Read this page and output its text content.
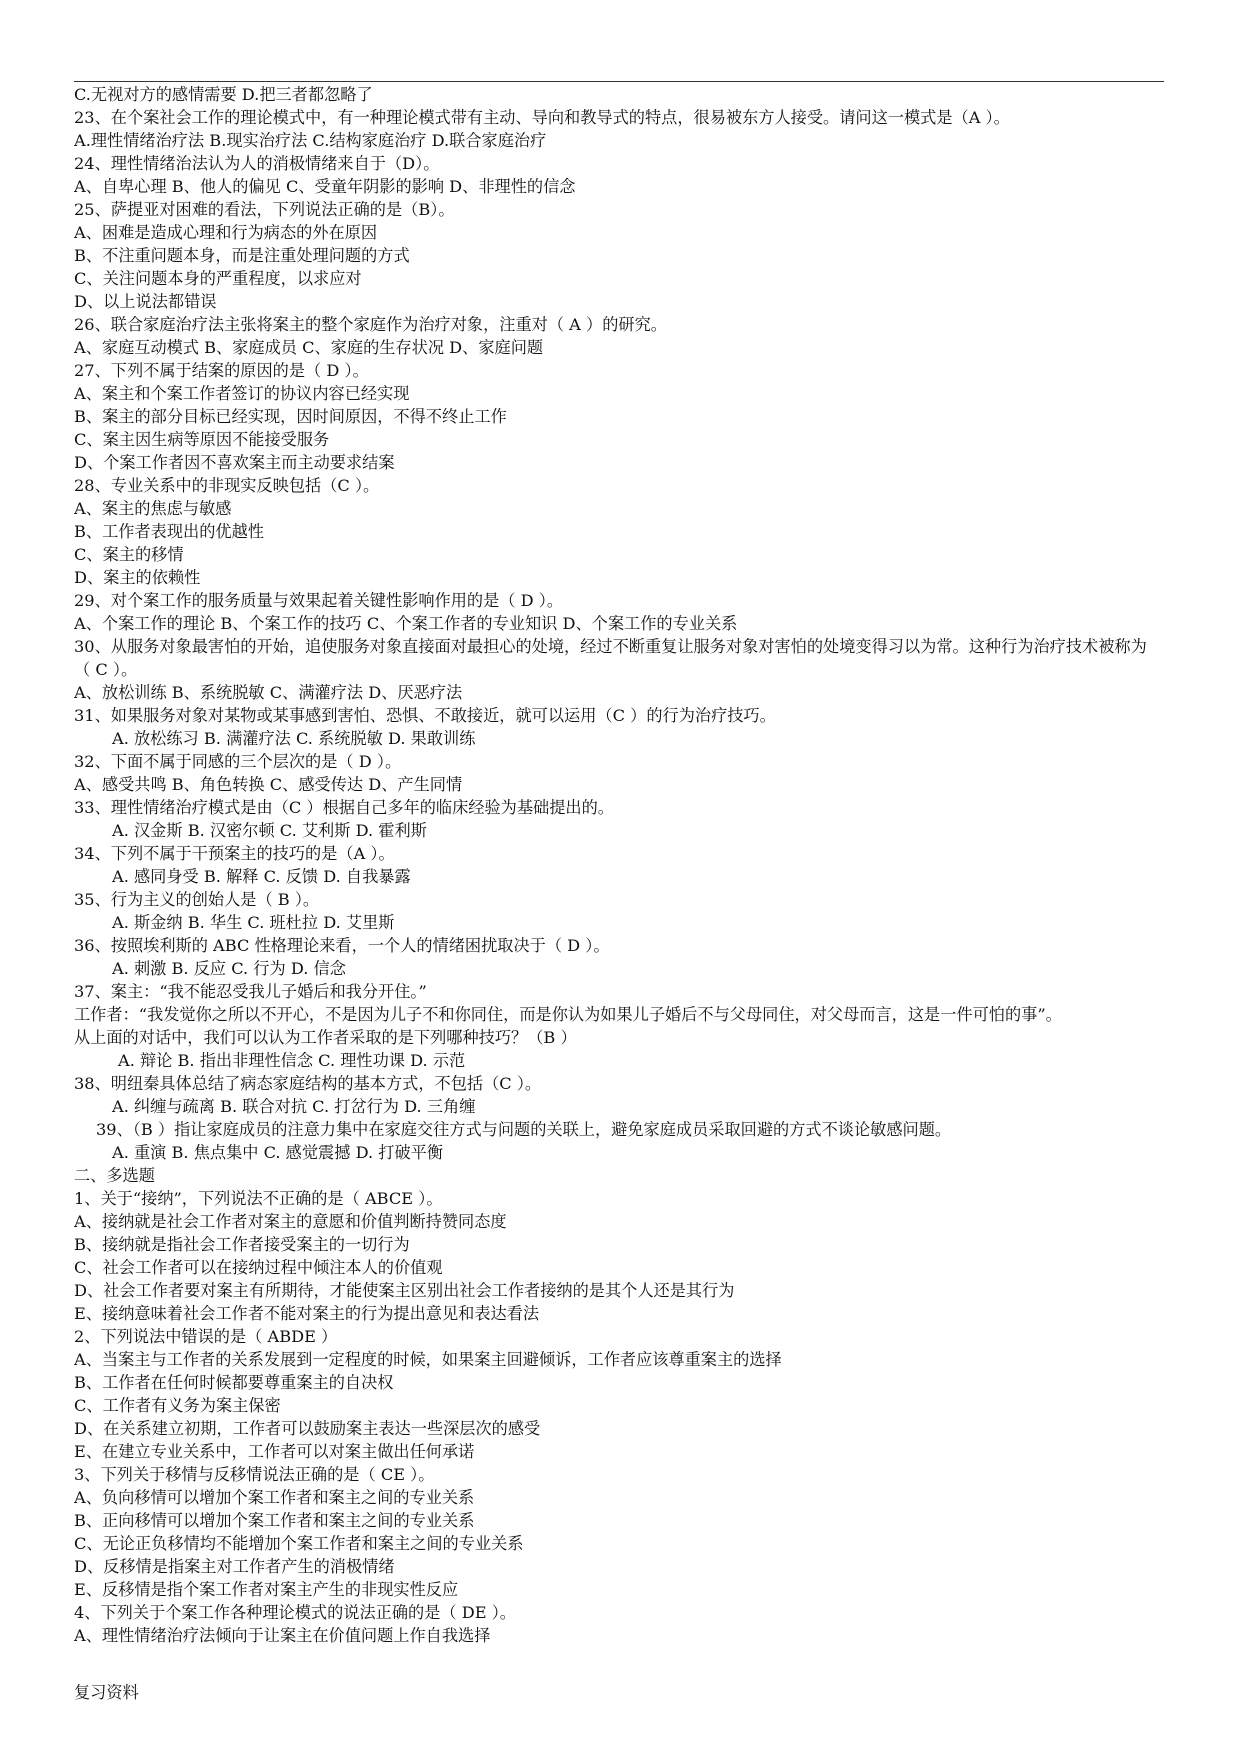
C.无视对方的感情需要 D.把三者都忽略了
23、在个案社会工作的理论模式中，有一种理论模式带有主动、导向和教导式的特点，很易被东方人接受。请问这一模式是（A ）。
A.理性情绪治疗法 B.现实治疗法 C.结构家庭治疗 D.联合家庭治疗
24、理性情绪治法认为人的消极情绪来自于（D）。
A、自卑心理 B、他人的偏见 C、受童年阴影的影响 D、非理性的信念
25、萨提亚对困难的看法，下列说法正确的是（B）。
A、困难是造成心理和行为病态的外在原因
B、不注重问题本身，而是注重处理问题的方式
C、关注问题本身的严重程度，以求应对
D、以上说法都错误
26、联合家庭治疗法主张将案主的整个家庭作为治疗对象，注重对（ A ）的研究。
A、家庭互动模式 B、家庭成员 C、家庭的生存状况 D、家庭问题
27、下列不属于结案的原因的是（ D ）。
A、案主和个案工作者签订的协议内容已经实现
B、案主的部分目标已经实现，因时间原因，不得不终止工作
C、案主因生病等原因不能接受服务
D、个案工作者因不喜欢案主而主动要求结案
28、专业关系中的非现实反映包括（C ）。
A、案主的焦虑与敏感
B、工作者表现出的优越性
C、案主的移情
D、案主的依赖性
29、对个案工作的服务质量与效果起着关键性影响作用的是（ D ）。
A、个案工作的理论 B、个案工作的技巧 C、个案工作者的专业知识 D、个案工作的专业关系
30、从服务对象最害怕的开始，追使服务对象直接面对最担心的处境，经过不断重复让服务对象对害怕的处境变得习以为常。这种行为治疗技术被称为 （ C ）。
A、放松训练 B、系统脱敏 C、满灌疗法 D、厌恶疗法
31、如果服务对象对某物或某事感到害怕、恐惧、不敢接近，就可以运用（C ）的行为治疗技巧。
A. 放松练习 B. 满灌疗法 C. 系统脱敏 D. 果敢训练
32、下面不属于同感的三个层次的是（ D ）。
A、感受共鸣 B、角色转换 C、感受传达 D、产生同情
33、理性情绪治疗模式是由（C ）根据自己多年的临床经验为基础提出的。
A. 汉金斯 B. 汉密尔顿 C. 艾利斯 D. 霍利斯
34、下列不属于干预案主的技巧的是（A ）。
A. 感同身受 B. 解释 C. 反馈 D. 自我暴露
35、行为主义的创始人是（ B ）。
A. 斯金纳 B. 华生 C. 班杜拉 D. 艾里斯
36、按照埃利斯的 ABC 性格理论来看，一个人的情绪困扰取决于（ D ）。
A. 刺激 B. 反应 C. 行为 D. 信念
37、案主：“我不能忍受我儿子婚后和我分开住。”
工作者：“我发觉你之所以不开心，不是因为儿子不和你同住，而是你认为如果儿子婚后不与父母同住，对父母而言，这是一件可怕的事”。
从上面的对话中，我们可以认为工作者采取的是下列哪种技巧？（B ）
A. 辩论 B. 指出非理性信念 C. 理性功课 D. 示范
38、明纽秦具体总结了病态家庭结构的基本方式，不包括（C ）。
A. 纠缠与疏离 B. 联合对抗 C. 打岔行为 D. 三角缠
39、（B ）指让家庭成员的注意力集中在家庭交往方式与问题的关联上，避免家庭成员采取回避的方式不谈论敏感问题。
A. 重演 B. 焦点集中 C. 感觉震撼 D. 打破平衡
二、多选题
1、关于“接纳”，下列说法不正确的是（ ABCE ）。
A、接纳就是社会工作者对案主的意愿和价值判断持赞同态度
B、接纳就是指社会工作者接受案主的一切行为
C、社会工作者可以在接纳过程中倾注本人的价值观
D、社会工作者要对案主有所期待，才能使案主区别出社会工作者接纳的是其个人还是其行为
E、接纳意味着社会工作者不能对案主的行为提出意见和表达看法
2、下列说法中错误的是（ ABDE ）
A、当案主与工作者的关系发展到一定程度的时候，如果案主回避倾诉，工作者应该尊重案主的选择
B、工作者在任何时候都要尊重案主的自决权
C、工作者有义务为案主保密
D、在关系建立初期，工作者可以鼓励案主表达一些深层次的感受
E、在建立专业关系中，工作者可以对案主做出任何承诺
3、下列关于移情与反移情说法正确的是（ CE ）。
A、负向移情可以增加个案工作者和案主之间的专业关系
B、正向移情可以增加个案工作者和案主之间的专业关系
C、无论正负移情均不能增加个案工作者和案主之间的专业关系
D、反移情是指案主对工作者产生的消极情绪
E、反移情是指个案工作者对案主产生的非现实性反应
4、下列关于个案工作各种理论模式的说法正确的是（ DE ）。
A、理性情绪治疗法倾向于让案主在价值问题上作自我选择
复习资料
